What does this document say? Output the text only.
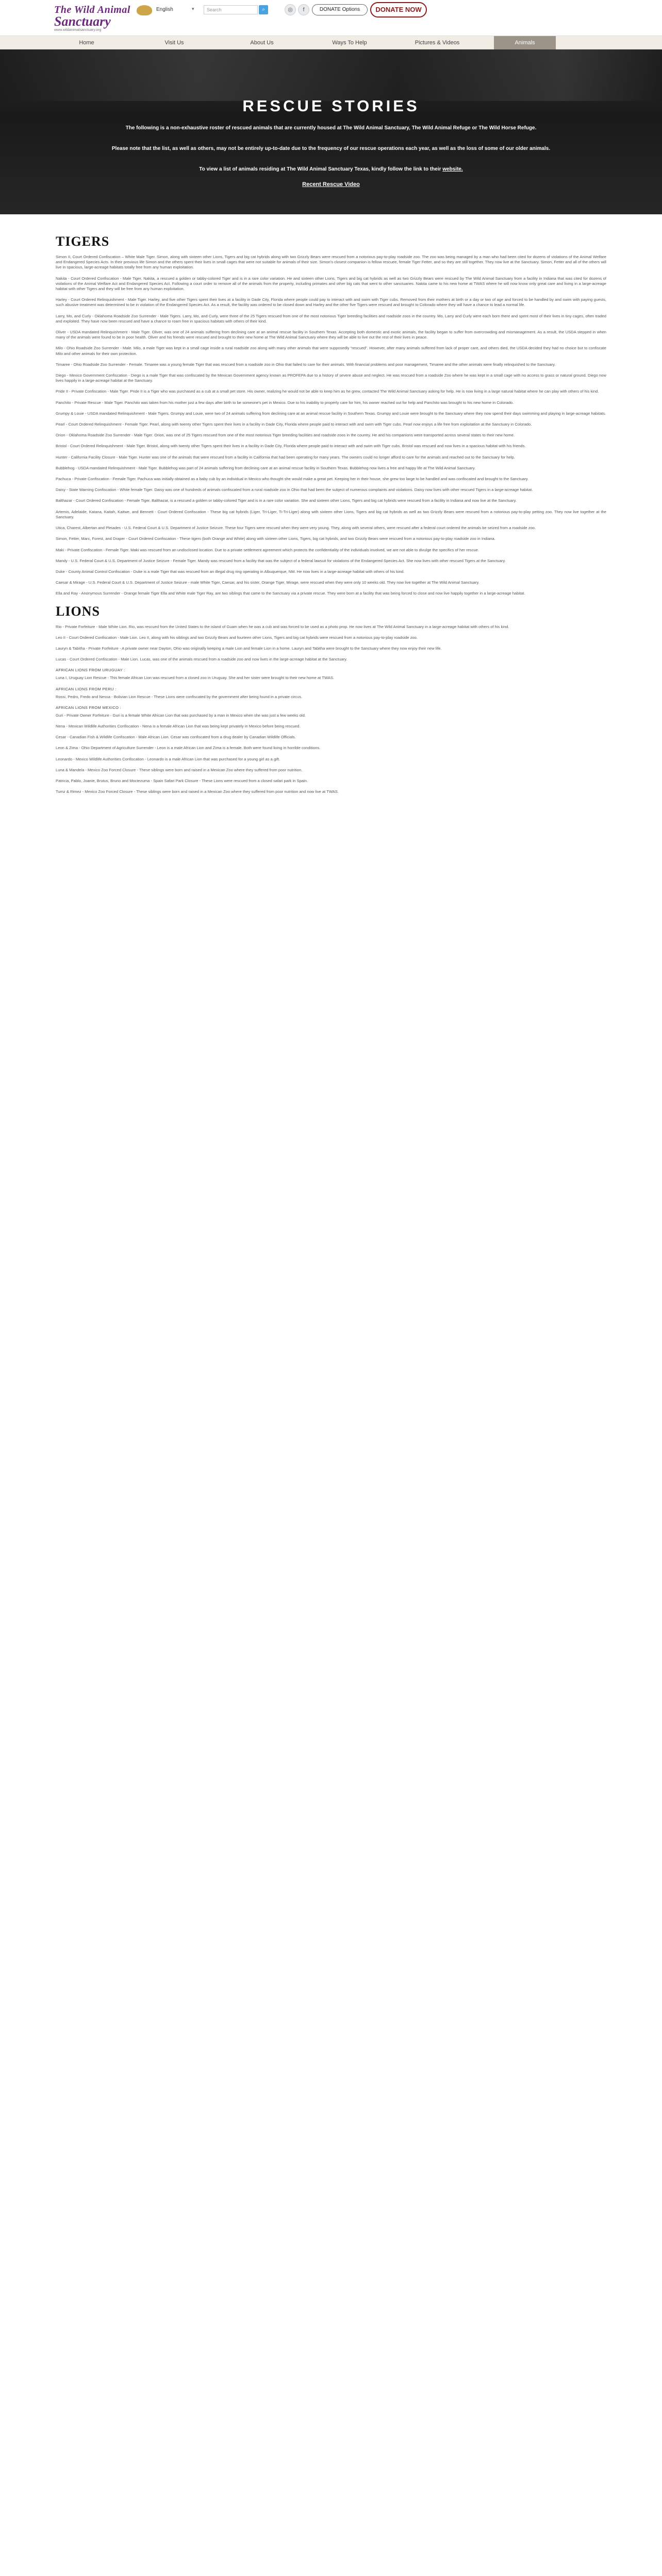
The Wild Animal
Sanctuary
www.wildanimalsanctuary.org
English	▾	Search	⌕	◎	f	DONATE Options	DONATE NOW
Home	Visit Us	About Us	Ways To Help	Pictures & Videos	Animals
RESCUE STORIES

The following is a non-exhaustive roster of rescued animals that are currently housed at The Wild Animal Sanctuary, The Wild Animal Refuge or The Wild Horse Refuge.

Please note that the list, as well as others, may not be entirely up-to-date due to the frequency of our rescue operations each year, as well as the loss of some of our older animals.

To view a list of animals residing at The Wild Animal Sanctuary Texas, kindly follow the link to their website.

Recent Rescue Video
TIGERS

Simon II, Court Ordered Confiscation – White Male Tiger. Simon, along with sixteen other Lions, Tigers and big cat hybrids along with two Grizzly Bears were rescued from a notorious pay-to-play roadside zoo. The zoo was being managed by a man who had been cited for dozens of violations of the Animal Welfare and Endangered Species Acts. In their previous life Simon and the others spent their lives in small cages that were not suitable for animals of their size. Simon's closest companion is fellow rescuee, female Tiger Fetter, and so they are still together. They now live at the Sanctuary. Simon, Fetter and all of the others will live in spacious, large-acreage habitats totally free from any human exploitation.

Nakita - Court Ordered Confiscation - Male Tiger. Nakita, a rescued a golden or tabby-colored Tiger and is in a rare color variation. He and sixteen other Lions, Tigers and big cat hybrids as well as two Grizzly Bears were rescued by The Wild Animal Sanctuary from a facility in Indiana that was cited for dozens of violations of the Animal Welfare Act and Endangered Species Act. Following a court order to remove all of the animals from the property, including primates and other big cats that went to other sanctuaries. Nakita came to his new home at TWAS where he will now know only great care and living in a large-acreage habitat with other Tigers and they will be free from any human exploitation.

Harley - Court Ordered Relinquishment - Male Tiger. Harley, and five other Tigers spent their lives at a facility in Dade City, Florida where people could pay to interact with and swim with Tiger cubs. Removed from their mothers at birth or a day or two of age and forced to be handled by and swim with paying guests, such abusive treatment was determined to be in violation of the Endangered Species Act. As a result, the facility was ordered to be closed down and Harley and the other five Tigers were rescued and brought to Colorado where they will have a chance to lead a normal life.

Larry, Mo, and Curly - Oklahoma Roadside Zoo Surrender - Male Tigers. Larry, Mo, and Curly, were three of the 25 Tigers rescued from one of the most notorious Tiger breeding facilities and roadside zoos in the country. Mo, Larry and Curly were each born there and spent most of their lives in tiny cages, often traded and exploited. They have now been rescued and have a chance to roam free in spacious habitats with others of their kind.

Oliver - USDA mandated Relinquishment - Male Tiger. Oliver, was one of 24 animals suffering from declining care at an animal rescue facility in Southern Texas. Accepting both domestic and exotic animals, the facility began to suffer from overcrowding and mismanagement. As a result, the USDA stepped in when many of the animals were found to be in poor health. Oliver and his friends were rescued and brought to their new home at The Wild Animal Sanctuary where they will be able to live out the rest of their lives in peace.

Milo - Ohio Roadside Zoo Surrender - Male. Milo, a male Tiger was kept in a small cage inside a rural roadside zoo along with many other animals that were supposedly “rescued”. However, after many animals suffered from lack of proper care, and others died, the USDA decided they had no choice but to confiscate Milo and other animals for their own protection.

Timaree - Ohio Roadside Zoo Surrender - Female. Timaree was a young female Tiger that was rescued from a roadside zoo in Ohio that failed to care for their animals. With financial problems and poor management, Timaree and the other animals were finally relinquished to the Sanctuary.

Diego - Mexico Government Confiscation - Diego is a male Tiger that was confiscated by the Mexican Government agency known as PROFEPA due to a history of severe abuse and neglect. He was rescued from a roadside Zoo where he was kept in a small cage with no access to grass or natural ground. Diego now lives happily in a large-acreage habitat at the Sanctuary.

Pride II - Private Confiscation - Male Tiger. Pride II is a Tiger who was purchased as a cub at a small pet store. His owner, realizing he would not be able to keep him as he grew, contacted The Wild Animal Sanctuary asking for help. He is now living in a large natural habitat where he can play with others of his kind.

Panchito - Private Rescue - Male Tiger. Panchito was taken from his mother just a few days after birth to be someone's pet in Mexico. Due to his inability to properly care for him, his owner reached out for help and Panchito was brought to his new home in Colorado.

Grumpy & Louie - USDA mandated Relinquishment - Male Tigers. Grumpy and Louie, were two of 24 animals suffering from declining care at an animal rescue facility in Southern Texas. Grumpy and Louie were brought to the Sanctuary where they now spend their days swimming and playing in large-acreage habitats.

Pearl - Court Ordered Relinquishment - Female Tiger. Pearl, along with twenty other Tigers spent their lives in a facility in Dade City, Florida where people paid to interact with and swim with Tiger cubs. Pearl now enjoys a life free from exploitation at the Sanctuary in Colorado.

Orion - Oklahoma Roadside Zoo Surrender - Male Tiger. Orion, was one of 25 Tigers rescued from one of the most notorious Tiger breeding facilities and roadside zoos in the country. He and his companions were transported across several states to their new home.

Bristol - Court Ordered Relinquishment - Male Tiger. Bristol, along with twenty other Tigers spent their lives in a facility in Dade City, Florida where people paid to interact with and swim with Tiger cubs. Bristol was rescued and now lives in a spacious habitat with his friends.

Hunter - California Facility Closure - Male Tiger. Hunter was one of the animals that were rescued from a facility in California that had been operating for many years. The owners could no longer afford to care for the animals and reached out to the Sanctuary for help.

Bubblehog - USDA mandated Relinquishment - Male Tiger. Bubblehog was part of 24 animals suffering from declining care at an animal rescue facility in Southern Texas. Bubblehog now lives a free and happy life at The Wild Animal Sanctuary.

Pachuca - Private Confiscation - Female Tiger. Pachuca was initially obtained as a baby cub by an individual in Mexico who thought she would make a great pet. Keeping her in their house, she grew too large to be handled and was confiscated and brought to the Sanctuary.

Daisy - State Warning Confiscation - White female Tiger. Daisy was one of hundreds of animals confiscated from a rural roadside zoo in Ohio that had been the subject of numerous complaints and violations. Daisy now lives with other rescued Tigers in a large-acreage habitat.

Balthazar - Court Ordered Confiscation - Female Tiger. Balthazar, is a rescued a golden or tabby-colored Tiger and is in a rare color variation. She and sixteen other Lions, Tigers and big cat hybrids were rescued from a facility in Indiana and now live at the Sanctuary.

Artemis, Adelaide, Katana, Kaitah, Kaitwe, and Bennett - Court Ordered Confiscation - These big cat hybrids (Liger, Tri-Liger, Ti-Tri-Liger) along with sixteen other Lions, Tigers and big cat hybrids as well as two Grizzly Bears were rescued from a notorious pay-to-play petting zoo. They now live together at the Sanctuary.

Utica, Charest, Albertan and Pleiades - U.S. Federal Court & U.S. Department of Justice Seizure. These four Tigers were rescued when they were very young. They, along with several others, were rescued after a federal court ordered the animals be seized from a roadside zoo.

Simon, Fetter, Marc, Forest, and Draper - Court Ordered Confiscation - These tigers (both Orange and White) along with sixteen other Lions, Tigers, big cat hybrids, and two Grizzly Bears were rescued from a notorious pay-to-play roadside zoo in Indiana.

Maki - Private Confiscation - Female Tiger. Maki was rescued from an undisclosed location. Due to a private settlement agreement which protects the confidentiality of the individuals involved, we are not able to divulge the specifics of her rescue.

Mandy - U.S. Federal Court & U.S. Department of Justice Seizure - Female Tiger. Mandy was rescued from a facility that was the subject of a federal lawsuit for violations of the Endangered Species Act. She now lives with other rescued Tigers at the Sanctuary.

Duke - County Animal Control Confiscation - Duke is a male Tiger that was rescued from an illegal drug ring operating in Albuquerque, NM. He now lives in a large-acreage habitat with others of his kind.

Caesar & Mirage - U.S. Federal Court & U.S. Department of Justice Seizure - male White Tiger, Caesar, and his sister, Orange Tiger, Mirage, were rescued when they were only 10 weeks old. They now live together at The Wild Animal Sanctuary.

Ella and Ray - Anonymous Surrender - Orange female Tiger Ella and White male Tiger Ray, are two siblings that came to the Sanctuary via a private rescue. They were born at a facility that was being forced to close and now live happily together in a large-acreage habitat.

LIONS

Rio - Private Forfeiture - Male White Lion. Rio, was rescued from the United States to the island of Guam when he was a cub and was forced to be used as a photo prop. He now lives at The Wild Animal Sanctuary in a large-acreage habitat with others of his kind.

Leo II - Court Ordered Confiscation - Male Lion. Leo II, along with his siblings and two Grizzly Bears and fourteen other Lions, Tigers and big cat hybrids were rescued from a notorious pay-to-play roadside zoo.

Lauryn & Tabitha - Private Forfeiture - A private owner near Dayton, Ohio was originally keeping a male Lion and female Lion in a home. Lauryn and Tabitha were brought to the Sanctuary where they now enjoy their new life.

Lucas - Court Ordered Confiscation - Male Lion. Lucas, was one of the animals rescued from a roadside zoo and now lives in the large-acreage habitat at the Sanctuary.

AFRICAN LIONS FROM URUGUAY :
Luna I, Uruguay Lion Rescue - This female African Lion was rescued from a closed zoo in Uruguay. She and her sister were brought to their new home at TWAS.
AFRICAN LIONS FROM PERU :
Rossi, Pedro, Fredo and Nessa - Bolivian Lion Rescue - These Lions were confiscated by the government after being found in a private circus.
AFRICAN LIONS FROM MEXICO :
Guri - Private Owner Forfeiture - Guri is a female White African Lion that was purchased by a man in Mexico when she was just a few weeks old.
Nena - Mexican Wildlife Authorities Confiscation - Nena is a female African Lion that was being kept privately in Mexico before being rescued.
Cesar - Canadian Fish & Wildlife Confiscation - Male African Lion. Cesar was confiscated from a drug dealer by Canadian Wildlife Officials.
Leon & Zima - Ohio Department of Agriculture Surrender - Leon is a male African Lion and Zima is a female. Both were found living in horrible conditions.
Leonardo - Mexico Wildlife Authorities Confiscation - Leonardo is a male African Lion that was purchased for a young girl as a gift.
Luna & Mandela - Mexico Zoo Forced Closure - These siblings were born and raised in a Mexican Zoo where they suffered from poor nutrition.
Patricia, Pablo, Joanie, Brutus, Bruno and Moctezuma - Spain Safari Park Closure - These Lions were rescued from a closed safari park in Spain.
Tumz & Rimez - Mexico Zoo Forced Closure - These siblings were born and raised in a Mexican Zoo where they suffered from poor nutrition and now live at TWAS.
